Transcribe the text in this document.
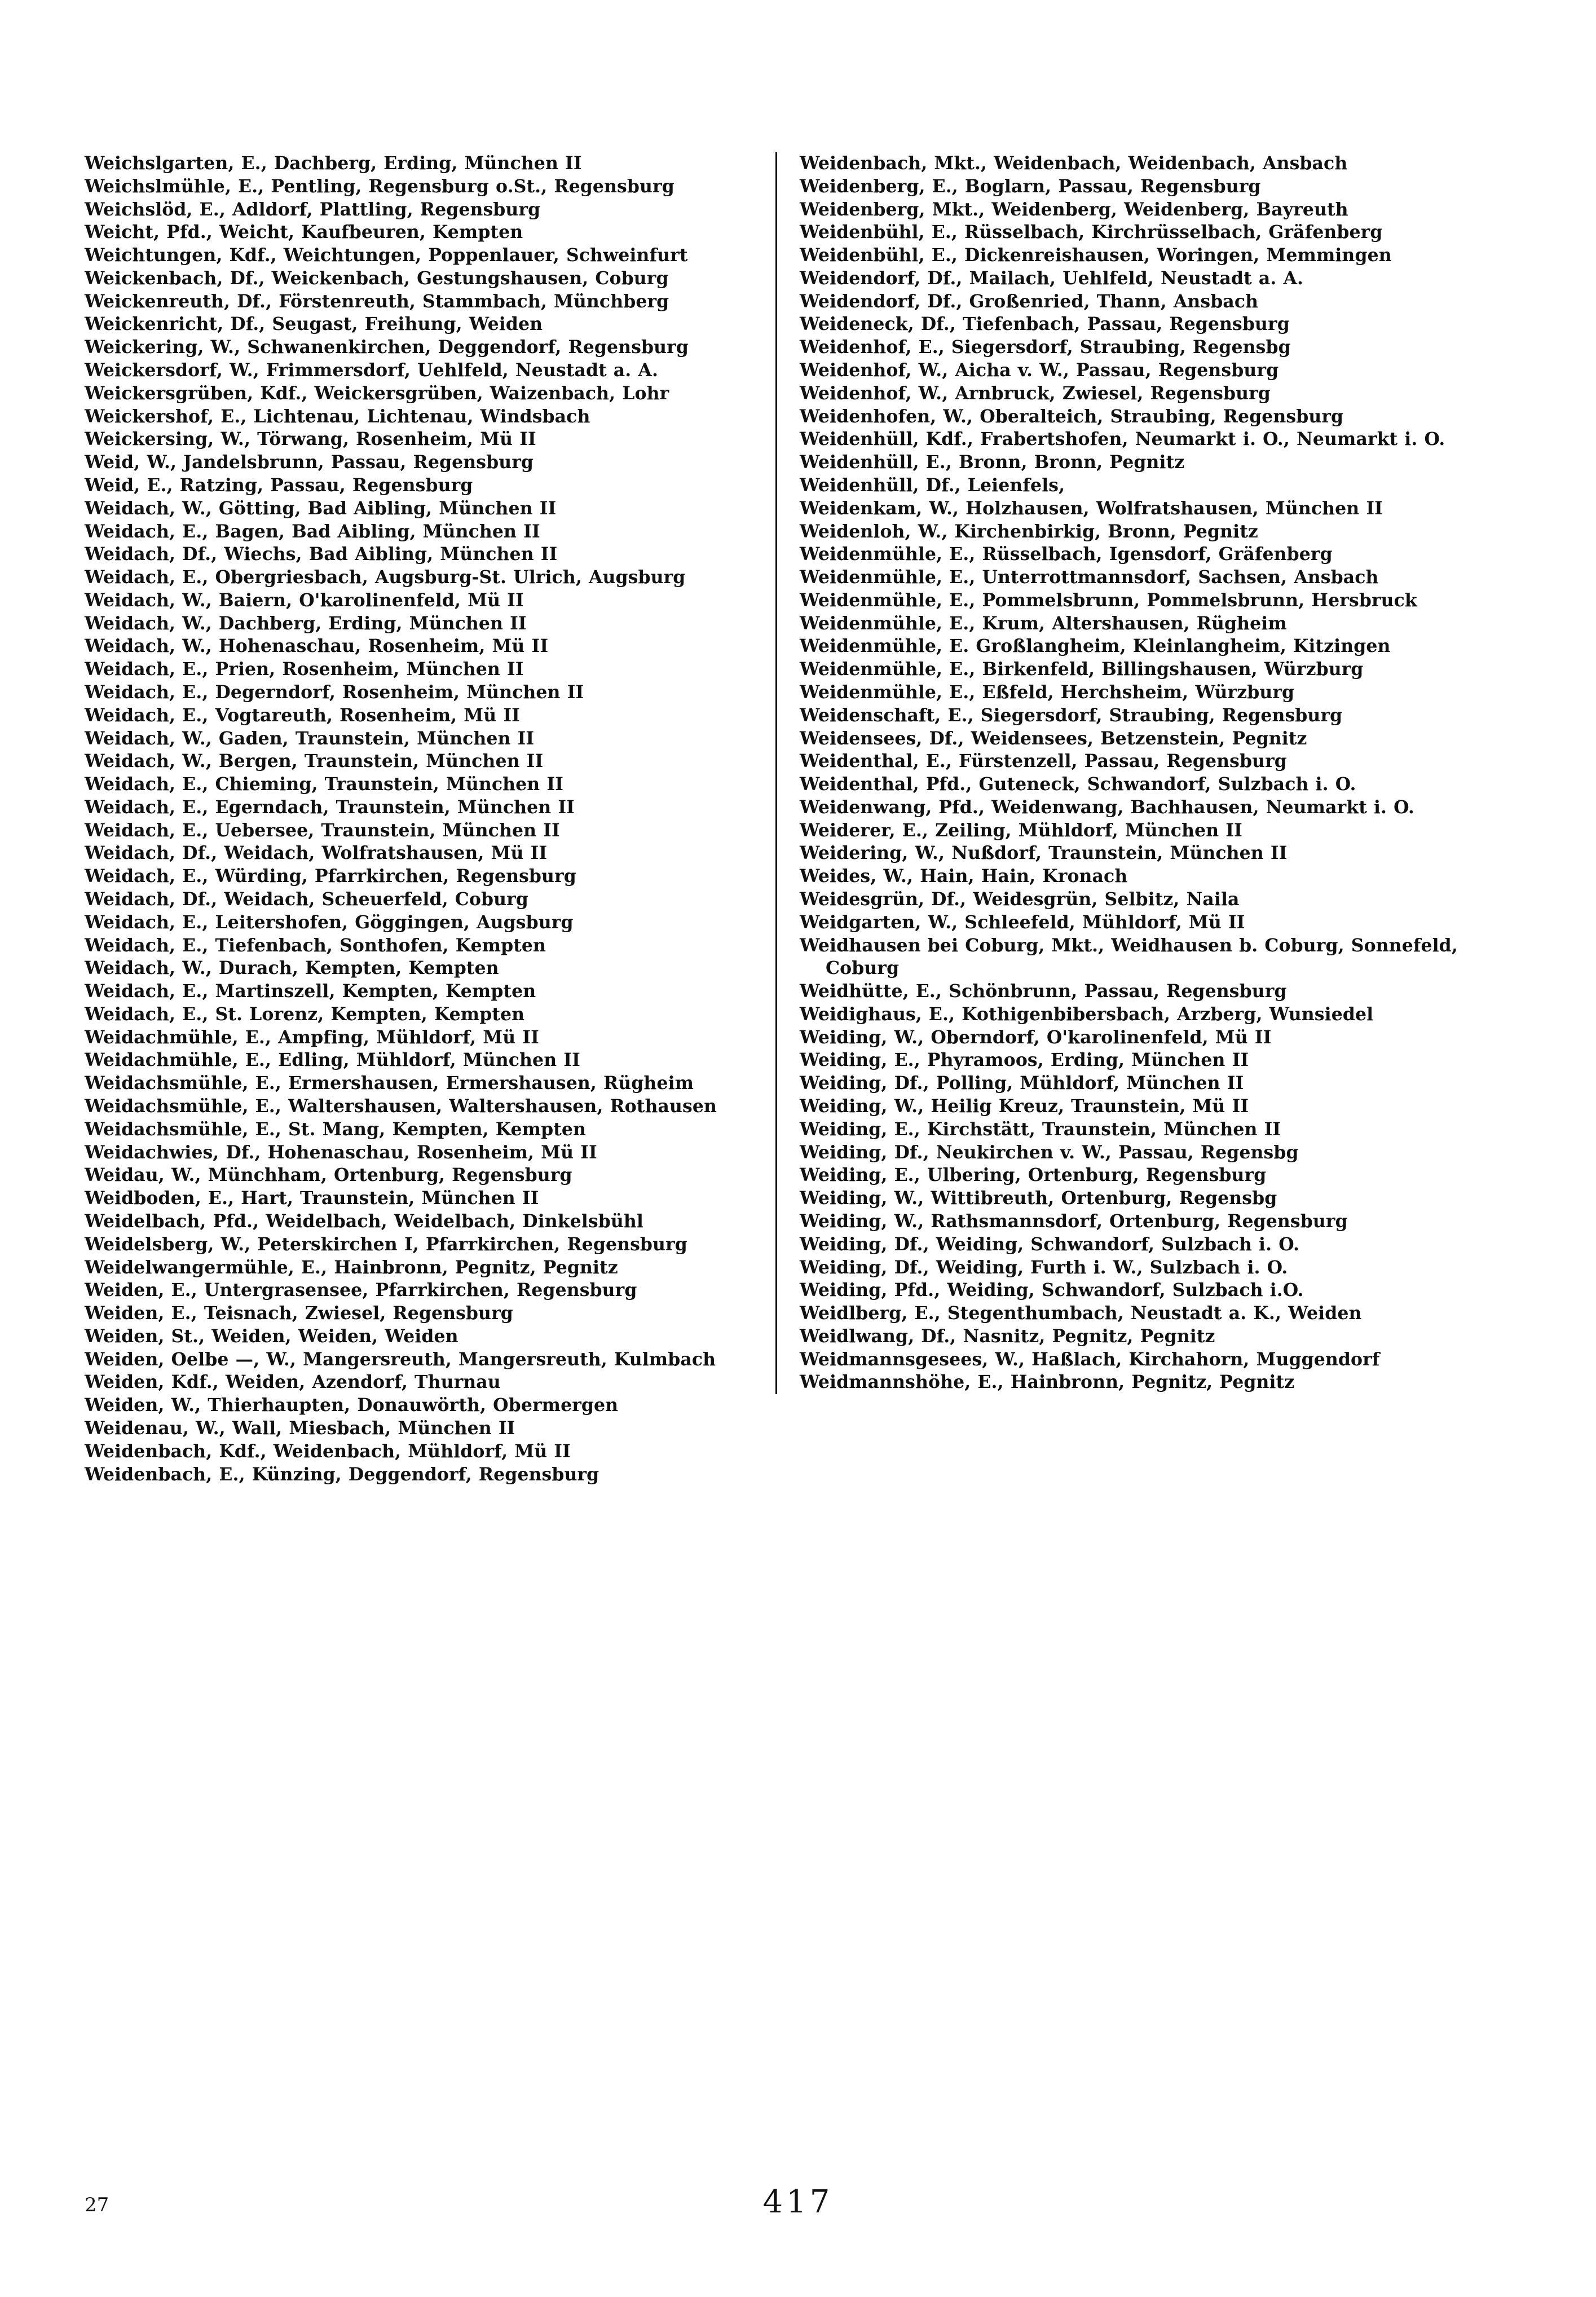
Weichslgarten, E., Dachberg, Erding, München II

Weichslmühle, E., Pentling, Regensburg o.St., Regensburg

Weichslöd, E., Adldorf, Plattling, Regensburg

Weicht, Pfd., Weicht, Kaufbeuren, Kempten

Weichtungen, Kdf., Weichtungen, Poppenlauer, Schweinfurt

Weickenbach, Df., Weickenbach, Gestungshausen, Coburg

Weickenreuth, Df., Förstenreuth, Stammbach, Münchberg

Weickenricht, Df., Seugast, Freihung, Weiden

Weickering, W., Schwanenkirchen, Deggendorf, Regensburg

Weickersdorf, W., Frimmersdorf, Uehlfeld, Neustadt a. A.

Weickersgrüben, Kdf., Weickersgrüben, Waizenbach, Lohr

Weickershof, E., Lichtenau, Lichtenau, Windsbach

Weickersing, W., Törwang, Rosenheim, Mü II

Weid, W., Jandelsbrunn, Passau, Regensburg

Weid, E., Ratzing, Passau, Regensburg

Weidach, W., Götting, Bad Aibling, München II

Weidach, E., Bagen, Bad Aibling, München II

Weidach, Df., Wiechs, Bad Aibling, München II

Weidach, E., Obergriesbach, Augsburg-St. Ulrich, Augsburg

Weidach, W., Baiern, O'karolinenfeld, Mü II

Weidach, W., Dachberg, Erding, München II

Weidach, W., Hohenaschau, Rosenheim, Mü II

Weidach, E., Prien, Rosenheim, München II

Weidach, E., Degerndorf, Rosenheim, München II

Weidach, E., Vogtareuth, Rosenheim, Mü II

Weidach, W., Gaden, Traunstein, München II

Weidach, W., Bergen, Traunstein, München II

Weidach, E., Chieming, Traunstein, München II

Weidach, E., Egerndach, Traunstein, München II

Weidach, E., Uebersee, Traunstein, München II

Weidach, Df., Weidach, Wolfratshausen, Mü II

Weidach, E., Würding, Pfarrkirchen, Regensburg

Weidach, Df., Weidach, Scheuerfeld, Coburg

Weidach, E., Leitershofen, Göggingen, Augsburg

Weidach, E., Tiefenbach, Sonthofen, Kempten

Weidach, W., Durach, Kempten, Kempten

Weidach, E., Martinszell, Kempten, Kempten

Weidach, E., St. Lorenz, Kempten, Kempten

Weidachmühle, E., Ampfing, Mühldorf, Mü II

Weidachmühle, E., Edling, Mühldorf, München II

Weidachsmühle, E., Ermershausen, Ermershausen, Rügheim

Weidachsmühle, E., Waltershausen, Waltershausen, Rothausen

Weidachsmühle, E., St. Mang, Kempten, Kempten

Weidachwies, Df., Hohenaschau, Rosenheim, Mü II

Weidau, W., Münchham, Ortenburg, Regensburg

Weidboden, E., Hart, Traunstein, München II

Weidelbach, Pfd., Weidelbach, Weidelbach, Dinkelsbühl

Weidelsberg, W., Peterskirchen I, Pfarrkirchen, Regensburg

Weidelwangermühle, E., Hainbronn, Pegnitz, Pegnitz

Weiden, E., Untergrasensee, Pfarrkirchen, Regensburg

Weiden, E., Teisnach, Zwiesel, Regensburg

Weiden, St., Weiden, Weiden, Weiden

Weiden, Oelbe —, W., Mangersreuth, Mangersreuth, Kulmbach

Weiden, Kdf., Weiden, Azendorf, Thurnau

Weiden, W., Thierhaupten, Donauwörth, Obermergen

Weidenau, W., Wall, Miesbach, München II

Weidenbach, Kdf., Weidenbach, Mühldorf, Mü II

Weidenbach, E., Künzing, Deggendorf, Regensburg

Weidenbach, Mkt., Weidenbach, Weidenbach, Ansbach

Weidenberg, E., Boglarn, Passau, Regensburg

Weidenberg, Mkt., Weidenberg, Weidenberg, Bayreuth

Weidenbühl, E., Rüsselbach, Kirchrüsselbach, Gräfenberg

Weidenbühl, E., Dickenreishausen, Woringen, Memmingen

Weidendorf, Df., Mailach, Uehlfeld, Neustadt a. A.

Weidendorf, Df., Großenried, Thann, Ansbach

Weideneck, Df., Tiefenbach, Passau, Regensburg

Weidenhof, E., Siegersdorf, Straubing, Regensbg

Weidenhof, W., Aicha v. W., Passau, Regensburg

Weidenhof, W., Arnbruck, Zwiesel, Regensburg

Weidenhofen, W., Oberalteich, Straubing, Regensburg

Weidenhüll, Kdf., Frabertshofen, Neumarkt i. O., Neumarkt i. O.

Weidenhüll, E., Bronn, Bronn, Pegnitz

Weidenhüll, Df., Leienfels,

Weidenkam, W., Holzhausen, Wolfratshausen, München II

Weidenloh, W., Kirchenbirkig, Bronn, Pegnitz

Weidenmühle, E., Rüsselbach, Igensdorf, Gräfenberg

Weidenmühle, E., Unterrottmannsdorf, Sachsen, Ansbach

Weidenmühle, E., Pommelsbrunn, Pommelsbrunn, Hersbruck

Weidenmühle, E., Krum, Altershausen, Rügheim

Weidenmühle, E. Großlangheim, Kleinlangheim, Kitzingen

Weidenmühle, E., Birkenfeld, Billingshausen, Würzburg

Weidenmühle, E., Eßfeld, Herchsheim, Würzburg

Weidenschaft, E., Siegersdorf, Straubing, Regensburg

Weidensees, Df., Weidensees, Betzenstein, Pegnitz

Weidenthal, E., Fürstenzell, Passau, Regensburg

Weidenthal, Pfd., Guteneck, Schwandorf, Sulzbach i. O.

Weidenwang, Pfd., Weidenwang, Bachhausen, Neumarkt i. O.

Weiderer, E., Zeiling, Mühldorf, München II

Weidering, W., Nußdorf, Traunstein, München II

Weides, W., Hain, Hain, Kronach

Weidesgrün, Df., Weidesgrün, Selbitz, Naila

Weidgarten, W., Schleefeld, Mühldorf, Mü II

Weidhausen bei Coburg, Mkt., Weidhausen b. Coburg, Sonnefeld, Coburg

Weidhütte, E., Schönbrunn, Passau, Regensburg

Weidighaus, E., Kothigenbibersbach, Arzberg, Wunsiedel

Weiding, W., Oberndorf, O'karolinenfeld, Mü II

Weiding, E., Phyramoos, Erding, München II

Weiding, Df., Polling, Mühldorf, München II

Weiding, W., Heilig Kreuz, Traunstein, Mü II

Weiding, E., Kirchstätt, Traunstein, München II

Weiding, Df., Neukirchen v. W., Passau, Regensbg

Weiding, E., Ulbering, Ortenburg, Regensburg

Weiding, W., Wittibreuth, Ortenburg, Regensbg

Weiding, W., Rathsmannsdorf, Ortenburg, Regensburg

Weiding, Df., Weiding, Schwandorf, Sulzbach i. O.

Weiding, Df., Weiding, Furth i. W., Sulzbach i. O.

Weiding, Pfd., Weiding, Schwandorf, Sulzbach i.O.

Weidlberg, E., Stegenthumbach, Neustadt a. K., Weiden

Weidlwang, Df., Nasnitz, Pegnitz, Pegnitz

Weidmannsgesees, W., Haßlach, Kirchahorn, Muggendorf

Weidmannshöhe, E., Hainbronn, Pegnitz, Pegnitz

27	417
